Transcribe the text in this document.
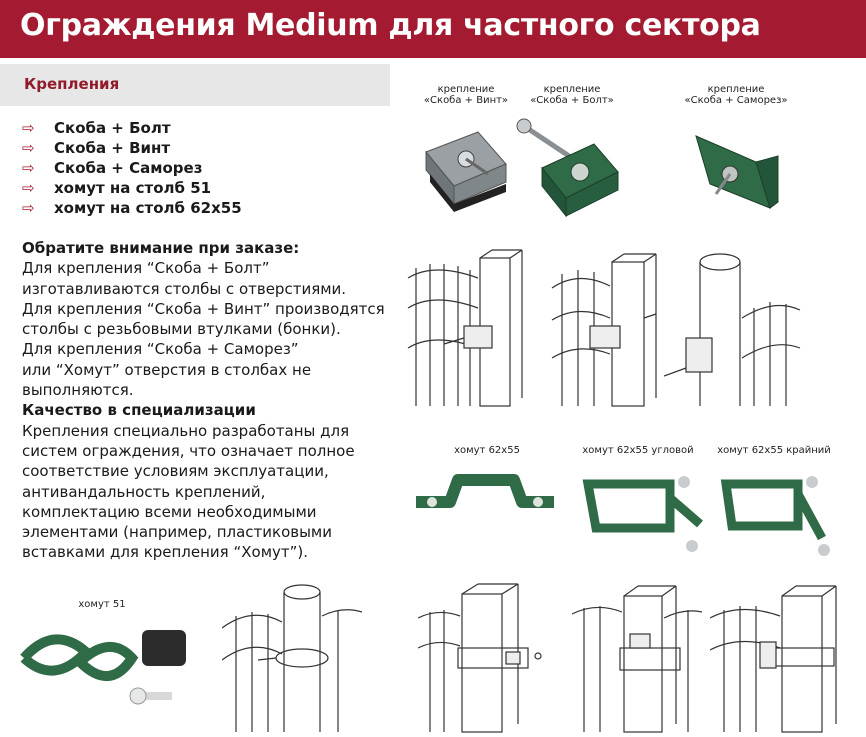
Ограждения Medium для частного сектора
Крепления
⇨ Скоба + Болт
⇨ Скоба + Винт
⇨ Скоба + Саморез
⇨ хомут на столб 51
⇨ хомут на столб 62х55

Обратите внимание при заказе:

Для крепления “Скоба + Болт”

изготавливаются столбы с отверстиями.

Для крепления “Скоба + Винт” производятся

столбы с резьбовыми втулками (бонки).

Для крепления “Скоба + Саморез”

или “Хомут” отверстия в столбах не

выполняются.

Качество в специализации

Крепления специально разработаны для

систем ограждения, что означает полное

соответствие условиям эксплуатации,

антивандальность креплений,

комплектацию всеми необходимыми

элементами (например, пластиковыми

вставками для крепления “Хомут”).

крепление
«Скоба + Винт»
крепление
«Скоба + Болт»
крепление
«Скоба + Саморез»
хомут 62х55	хомут 62х55 угловой	хомут 62х55 крайний
хомут 51
